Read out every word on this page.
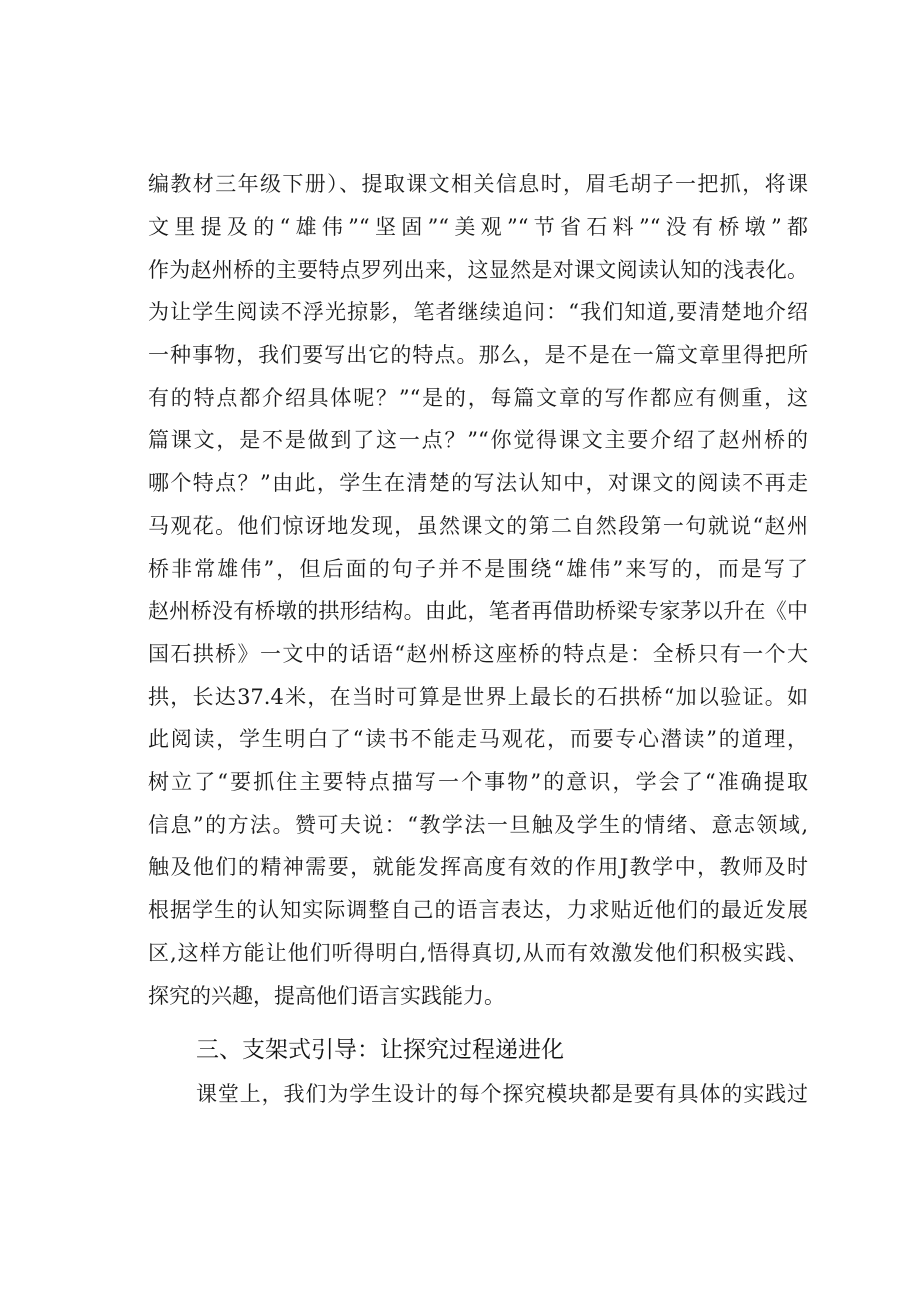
编教材三年级下册）、提取课文相关信息时，眉毛胡子一把抓，将课
文里提及的“雄伟”“坚固”“美观”“节省石料”“没有桥墩”都
作为赵州桥的主要特点罗列出来，这显然是对课文阅读认知的浅表化。
为让学生阅读不浮光掠影，笔者继续追问：“我们知道,要清楚地介绍
一种事物，我们要写出它的特点。那么，是不是在一篇文章里得把所
有的特点都介绍具体呢？”“是的，每篇文章的写作都应有侧重，这
篇课文，是不是做到了这一点？”“你觉得课文主要介绍了赵州桥的
哪个特点？”由此，学生在清楚的写法认知中，对课文的阅读不再走
马观花。他们惊讶地发现，虽然课文的第二自然段第一句就说“赵州
桥非常雄伟”，但后面的句子并不是围绕“雄伟”来写的，而是写了
赵州桥没有桥墩的拱形结构。由此，笔者再借助桥梁专家茅以升在《中
国石拱桥》一文中的话语“赵州桥这座桥的特点是：全桥只有一个大
拱，长达37.4米，在当时可算是世界上最长的石拱桥“加以验证。如
此阅读，学生明白了“读书不能走马观花，而要专心潜读”的道理，
树立了“要抓住主要特点描写一个事物”的意识，学会了“准确提取
信息”的方法。赞可夫说：“教学法一旦触及学生的情绪、意志领域,
触及他们的精神需要，就能发挥高度有效的作用J教学中，教师及时
根据学生的认知实际调整自己的语言表达，力求贴近他们的最近发展
区,这样方能让他们听得明白,悟得真切,从而有效激发他们积极实践、
探究的兴趣，提高他们语言实践能力。
三、支架式引导：让探究过程递进化
课堂上，我们为学生设计的每个探究模块都是要有具体的实践过
